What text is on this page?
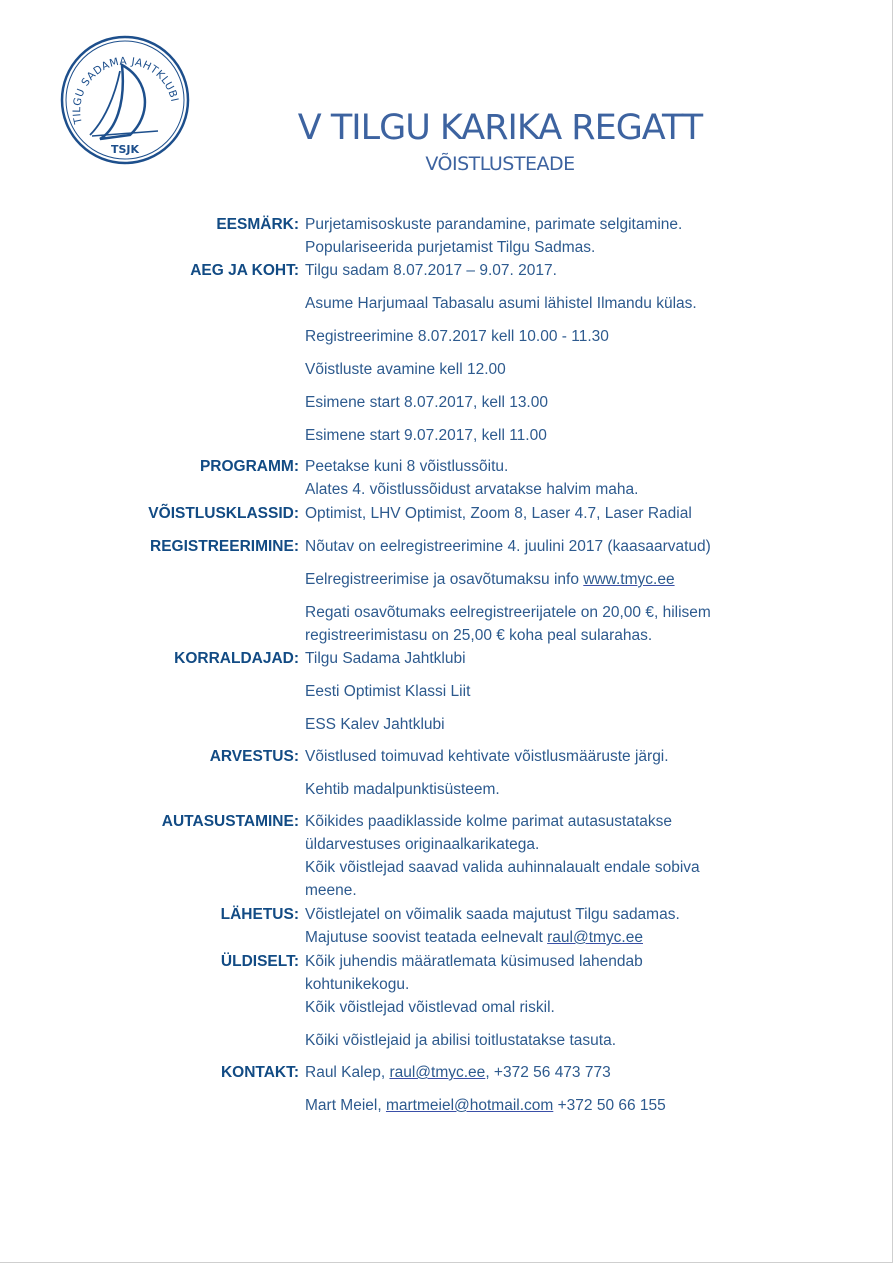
TILGU SADAMA JAHTKLUBI
TSJK
V TILGU KARIKA REGATT
VÕISTLUSTEADE
EESMÄRK: Purjetamisoskuste parandamine, parimate selgitamine.
Populariseerida purjetamist Tilgu Sadmas.
AEG JA KOHT: Tilgu sadam 8.07.2017 – 9.07. 2017.
Asume Harjumaal Tabasalu asumi lähistel Ilmandu külas.
Registreerimine 8.07.2017 kell 10.00 - 11.30
Võistluste avamine kell 12.00
Esimene start 8.07.2017, kell 13.00
Esimene start 9.07.2017, kell 11.00
PROGRAMM: Peetakse kuni 8 võistlussõitu.
Alates 4. võistlussõidust arvatakse halvim maha.
VÕISTLUSKLASSID: Optimist, LHV Optimist, Zoom 8, Laser 4.7, Laser Radial
REGISTREERIMINE: Nõutav on eelregistreerimine 4. juulini 2017 (kaasaarvatud)
Eelregistreerimise ja osavõtumaksu info www.tmyc.ee
Regati osavõtumaks eelregistreerijatele on 20,00 €, hilisem
registreerimistasu on 25,00 € koha peal sularahas.
KORRALDAJAD: Tilgu Sadama Jahtklubi
Eesti Optimist Klassi Liit
ESS Kalev Jahtklubi
ARVESTUS: Võistlused toimuvad kehtivate võistlusmääruste järgi.
Kehtib madalpunktisüsteem.
AUTASUSTAMINE: Kõikides paadiklasside kolme parimat autasustatakse
üldarvestuses originaalkarikatega.
Kõik võistlejad saavad valida auhinnalaualt endale sobiva
meene.
LÄHETUS: Võistlejatel on võimalik saada majutust Tilgu sadamas.
Majutuse soovist teatada eelnevalt raul@tmyc.ee
ÜLDISELT: Kõik juhendis määratlemata küsimused lahendab
kohtunikekogu.
Kõik võistlejad võistlevad omal riskil.
Kõiki võistlejaid ja abilisi toitlustatakse tasuta.
KONTAKT: Raul Kalep, raul@tmyc.ee, +372 56 473 773
Mart Meiel, martmeiel@hotmail.com +372 50 66 155
